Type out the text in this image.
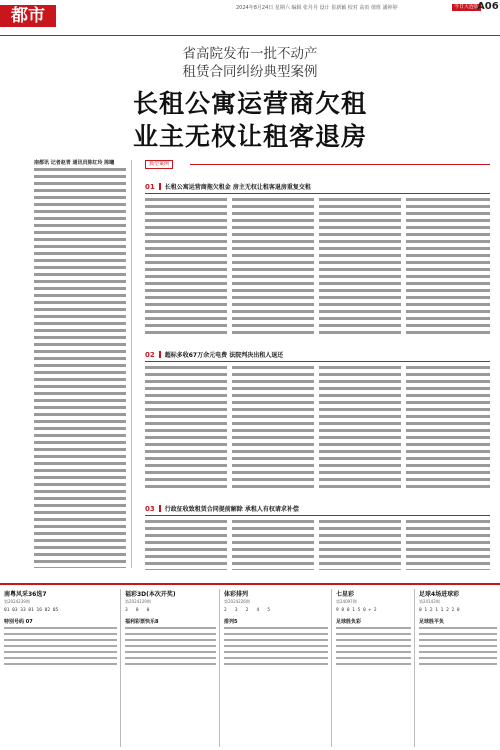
都市	2024年8月24日 星期六 编辑 张丹丹 设计 崔新颖 校对 高寅 值班 潘婷婷	今日大连版
A06
省高院发布一批不动产
租赁合同纠纷典型案例
长租公寓运营商欠租
业主无权让租客退房
南都讯 记者赵青 通讯员陈红玲 陈曦	典型案例
01 长租公寓运营商拖欠租金 房主无权让租客退房重复交租
02 超标多收67万余元电费 法院判决出租人退还
03 行政征收致租赁合同提前解除 承租人有权请求补偿
南粤风采36选7
第2024239期
01 03 33 01 16 02 05
特别号码 07
福彩3D(本次开奖)
第2024229期
3   8   0
福利彩票快乐8
体彩排列
第2024226期
2   3   2   4   5
排列5
七星彩
第24097期
9 8 0 1 5 0 + 2
足球胜负彩
足球4场进球彩
第24143期
0 1 2 1 1 2 2 0
足球胜平负
